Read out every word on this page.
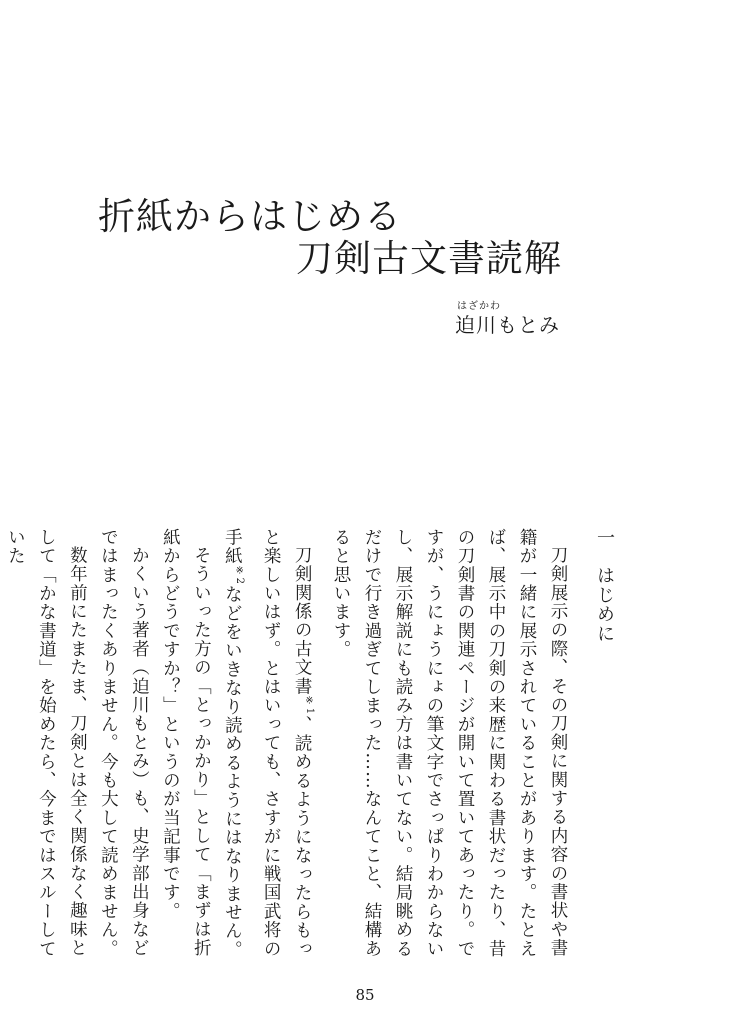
折紙からはじめる
刀剣古文書読解
はざかわ
迫川もとみ
一　はじめに

刀剣展示の際、その刀剣に関する内容の書状や書籍が一緒に展示されていることがあります。たとえば、展示中の刀剣の来歴に関わる書状だったり、昔の刀剣書の関連ページが開いて置いてあったり。ですが、うにょうにょの筆文字でさっぱりわからないし、展示解説にも読み方は書いてない。結局眺めるだけで行き過ぎてしまった……なんてこと、結構あると思います。

刀剣関係の古文書$^{※1}$、読めるようになったらもっと楽しいはず。とはいっても、さすがに戦国武将の手紙$^{※2}$などをいきなり読めるようにはなりません。

そういった方の「とっかかり」として「まずは折紙からどうですか？」というのが当記事です。

かくいう著者（迫川もとみ）も、史学部出身などではまったくありません。今も大して読めません。

数年前にたまたま、刀剣とは全く関係なく趣味として「かな書道」を始めたら、今まではスルーしていた

85
